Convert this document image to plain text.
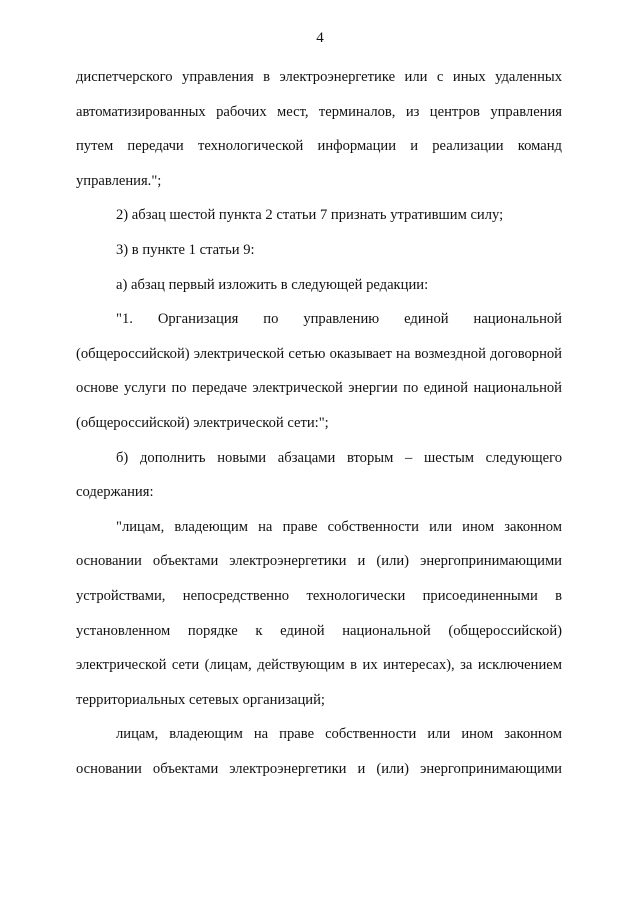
4

диспетчерского управления в электроэнергетике или с иных удаленных автоматизированных рабочих мест, терминалов, из центров управления путем передачи технологической информации и реализации команд управления.";

2) абзац шестой пункта 2 статьи 7 признать утратившим силу;

3) в пункте 1 статьи 9:

а) абзац первый изложить в следующей редакции:

"1. Организация по управлению единой национальной (общероссийской) электрической сетью оказывает на возмездной договорной основе услуги по передаче электрической энергии по единой национальной (общероссийской) электрической сети:";

б) дополнить новыми абзацами вторым – шестым следующего содержания:

"лицам, владеющим на праве собственности или ином законном основании объектами электроэнергетики и (или) энергопринимающими устройствами, непосредственно технологически присоединенными в установленном порядке к единой национальной (общероссийской) электрической сети (лицам, действующим в их интересах), за исключением территориальных сетевых организаций;

лицам, владеющим на праве собственности или ином законном основании объектами электроэнергетики и (или) энергопринимающими
